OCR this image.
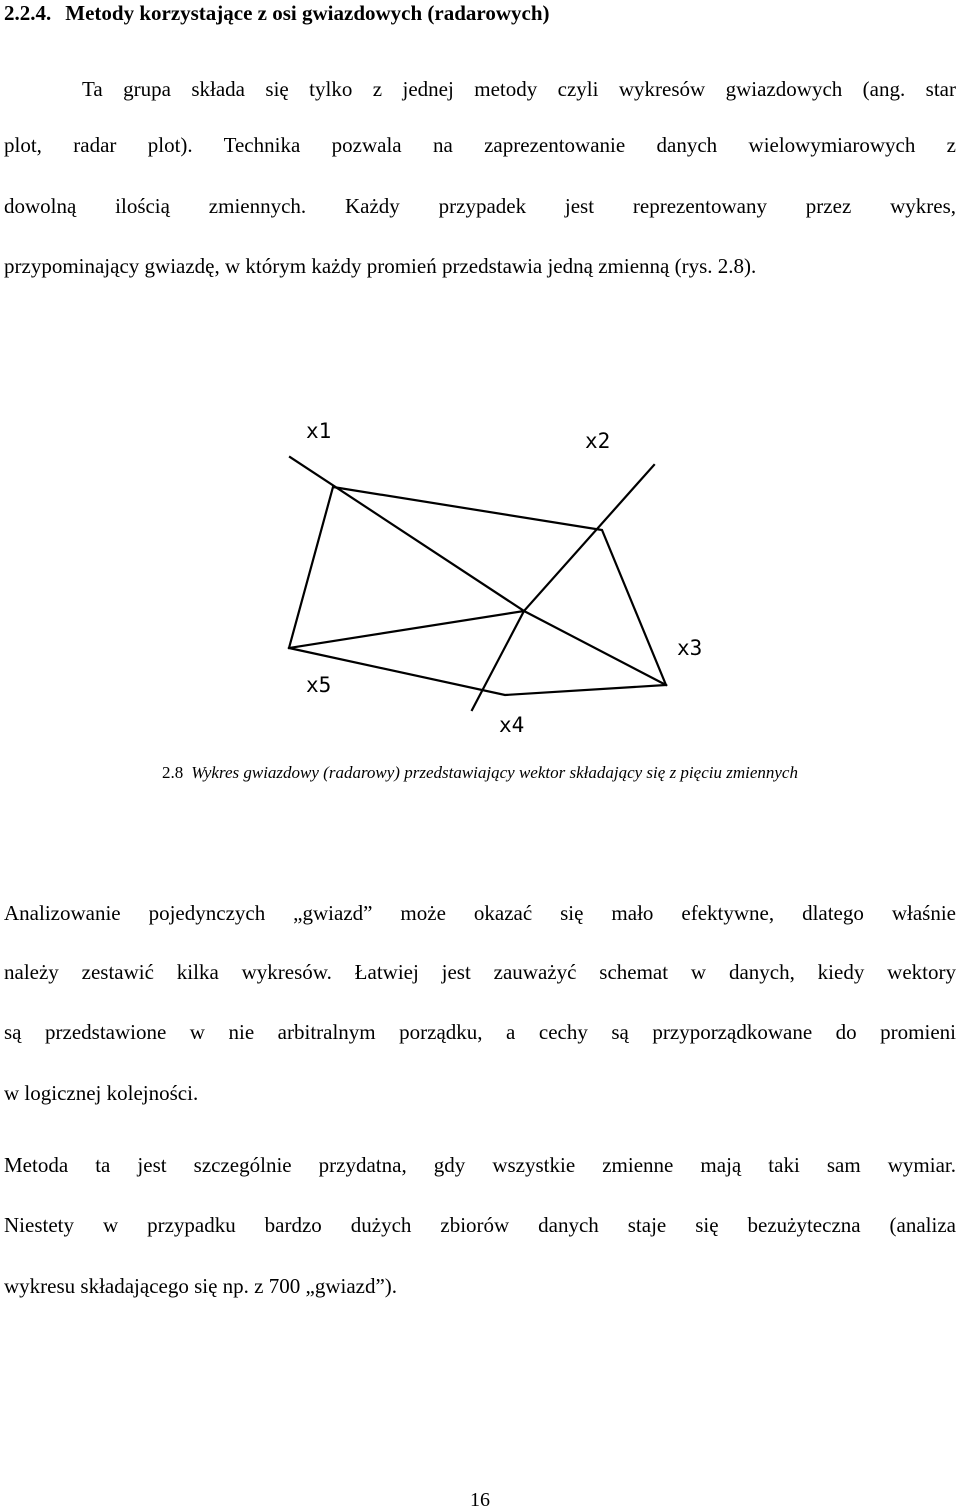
2.2.4. Metody korzystające z osi gwiazdowych (radarowych)
Ta grupa składa się tylko z jednej metody czyli wykresów gwiazdowych (ang. star
plot, radar plot). Technika pozwala na zaprezentowanie danych wielowymiarowych z
dowolną ilością zmiennych. Każdy przypadek jest reprezentowany przez wykres,
przypominający gwiazdę, w którym każdy promień przedstawia jedną zmienną (rys. 2.8).
x1	x2
x3
x4
x5
2.8 Wykres gwiazdowy (radarowy) przedstawiający wektor składający się z pięciu zmiennych
Analizowanie pojedynczych „gwiazd” może okazać się mało efektywne, dlatego właśnie
należy zestawić kilka wykresów. Łatwiej jest zauważyć schemat w danych, kiedy wektory
są przedstawione w nie arbitralnym porządku, a cechy są przyporządkowane do promieni
w logicznej kolejności.
Metoda ta jest szczególnie przydatna, gdy wszystkie zmienne mają taki sam wymiar.
Niestety w przypadku bardzo dużych zbiorów danych staje się bezużyteczna (analiza
wykresu składającego się np. z 700 „gwiazd”).
16
